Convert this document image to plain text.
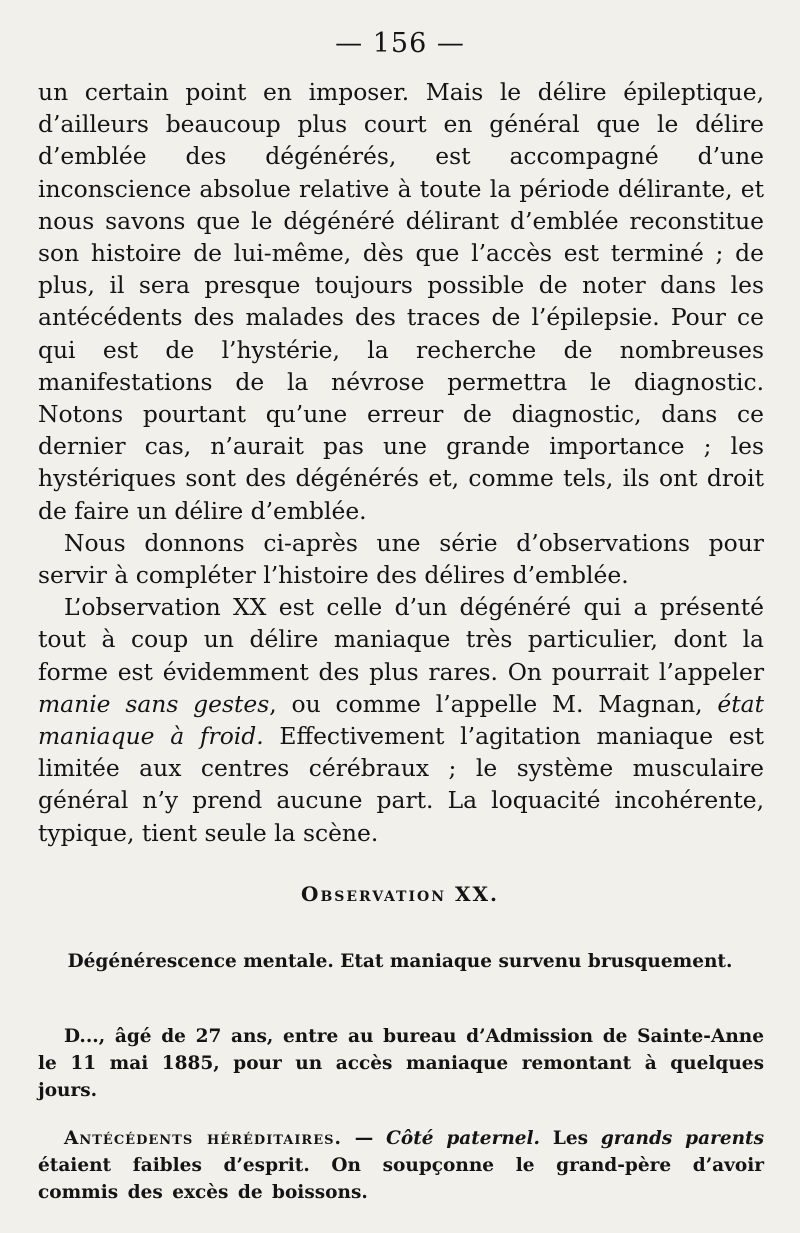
— 156 —

un certain point en imposer. Mais le délire épileptique, d’ailleurs beaucoup plus court en général que le délire d’emblée des dégénérés, est accompagné d’une inconscience absolue relative à toute la période délirante, et nous savons que le dégénéré délirant d’emblée reconstitue son histoire de lui-même, dès que l’accès est terminé ; de plus, il sera presque toujours possible de noter dans les antécédents des malades des traces de l’épilepsie. Pour ce qui est de l’hystérie, la recherche de nombreuses manifestations de la névrose permettra le diagnostic. Notons pourtant qu’une erreur de diagnostic, dans ce dernier cas, n’aurait pas une grande importance ; les hystériques sont des dégénérés et, comme tels, ils ont droit de faire un délire d’emblée.

Nous donnons ci-après une série d’observations pour servir à compléter l’histoire des délires d’emblée.

L’observation XX est celle d’un dégénéré qui a présenté tout à coup un délire maniaque très particulier, dont la forme est évidemment des plus rares. On pourrait l’appeler manie sans gestes, ou comme l’appelle M. Magnan, état maniaque à froid. Effectivement l’agitation maniaque est limitée aux centres cérébraux ; le système musculaire général n’y prend aucune part. La loquacité incohérente, typique, tient seule la scène.

Observation XX.
Dégénérescence mentale. Etat maniaque survenu brusquement.

D..., âgé de 27 ans, entre au bureau d’Admission de Sainte-Anne le 11 mai 1885, pour un accès maniaque remontant à quelques jours.

Antécédents héréditaires. — Côté paternel. Les grands parents étaient faibles d’esprit. On soupçonne le grand-père d’avoir commis des excès de boissons.
